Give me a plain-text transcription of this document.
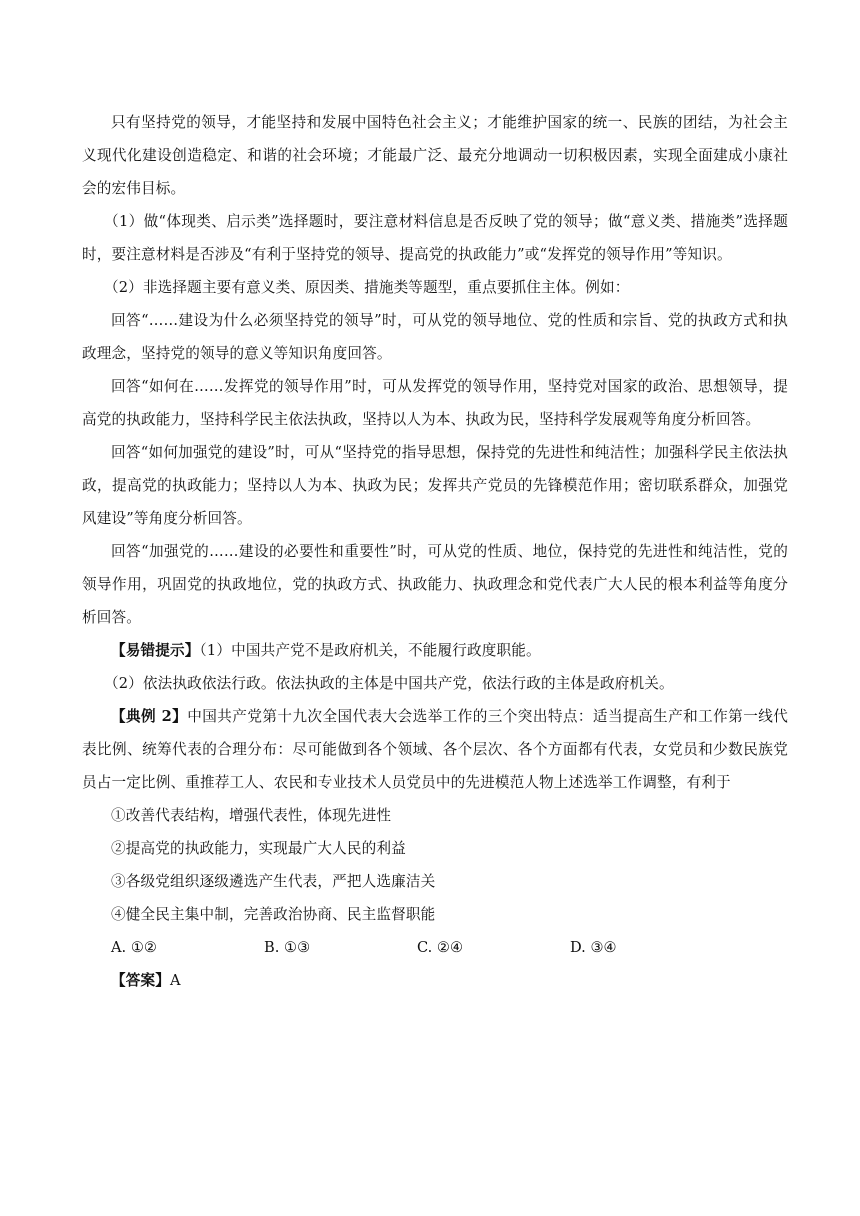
只有坚持党的领导，才能坚持和发展中国特色社会主义；才能维护国家的统一、民族的团结，为社会主义现代化建设创造稳定、和谐的社会环境；才能最广泛、最充分地调动一切积极因素，实现全面建成小康社会的宏伟目标。

（1）做“体现类、启示类”选择题时，要注意材料信息是否反映了党的领导；做“意义类、措施类”选择题时，要注意材料是否涉及“有利于坚持党的领导、提高党的执政能力”或“发挥党的领导作用”等知识。

（2）非选择题主要有意义类、原因类、措施类等题型，重点要抓住主体。例如：

回答“……建设为什么必须坚持党的领导”时，可从党的领导地位、党的性质和宗旨、党的执政方式和执政理念，坚持党的领导的意义等知识角度回答。

回答“如何在……发挥党的领导作用”时，可从发挥党的领导作用，坚持党对国家的政治、思想领导，提高党的执政能力，坚持科学民主依法执政，坚持以人为本、执政为民，坚持科学发展观等角度分析回答。

回答“如何加强党的建设”时，可从“坚持党的指导思想，保持党的先进性和纯洁性；加强科学民主依法执政，提高党的执政能力；坚持以人为本、执政为民；发挥共产党员的先锋模范作用；密切联系群众，加强党风建设”等角度分析回答。

回答“加强党的……建设的必要性和重要性”时，可从党的性质、地位，保持党的先进性和纯洁性，党的领导作用，巩固党的执政地位，党的执政方式、执政能力、执政理念和党代表广大人民的根本利益等角度分析回答。

【易错提示】（1）中国共产党不是政府机关，不能履行政度职能。

（2）依法执政依法行政。依法执政的主体是中国共产党，依法行政的主体是政府机关。

【典例 2】中国共产党第十九次全国代表大会选举工作的三个突出特点：适当提高生产和工作第一线代表比例、统筹代表的合理分布：尽可能做到各个领域、各个层次、各个方面都有代表，女党员和少数民族党员占一定比例、重推荐工人、农民和专业技术人员党员中的先进模范人物上述选举工作调整，有利于

①改善代表结构，增强代表性，体现先进性

②提高党的执政能力，实现最广大人民的利益

③各级党组织逐级遴选产生代表，严把人选廉洁关

④健全民主集中制，完善政治协商、民主监督职能

A. ①②	B. ①③	C. ②④	D. ③④

【答案】A
